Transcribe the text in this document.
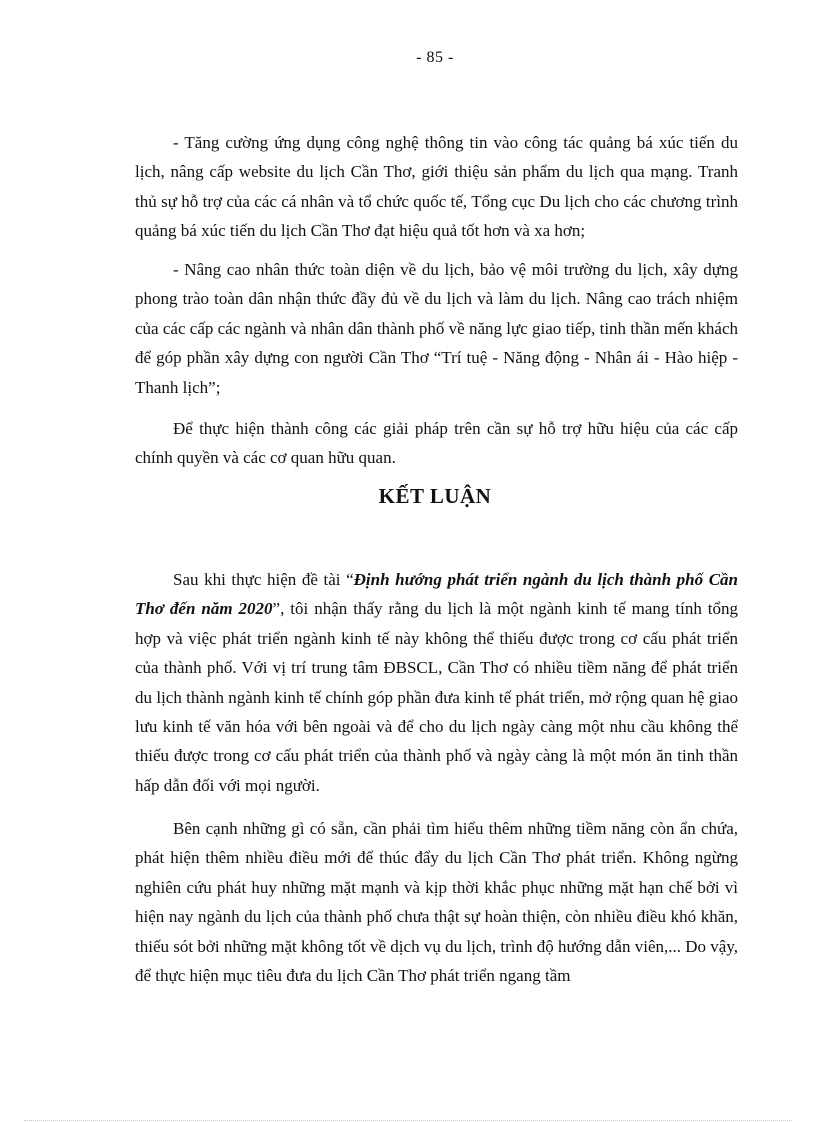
- 85 -

- Tăng cường ứng dụng công nghệ thông tin vào công tác quảng bá xúc tiến du lịch, nâng cấp website du lịch Cần Thơ, giới thiệu sản phẩm du lịch qua mạng. Tranh thủ sự hỗ trợ của các cá nhân và tổ chức quốc tế, Tổng cục Du lịch cho các chương trình quảng bá xúc tiến du lịch Cần Thơ đạt hiệu quả tốt hơn và xa hơn;

- Nâng cao nhân thức toàn diện về du lịch, bảo vệ môi trường du lịch, xây dựng phong trào toàn dân nhận thức đầy đủ về du lịch và làm du lịch. Nâng cao trách nhiệm của các cấp các ngành và nhân dân thành phố về năng lực giao tiếp, tinh thần mến khách để góp phần xây dựng con người Cần Thơ “Trí tuệ - Năng động - Nhân ái - Hào hiệp - Thanh lịch”;

Để thực hiện thành công các giải pháp trên cần sự hỗ trợ hữu hiệu của các cấp chính quyền và các cơ quan hữu quan.

KẾT LUẬN

Sau khi thực hiện đề tài “Định hướng phát triển ngành du lịch thành phố Cần Thơ đến năm 2020”, tôi nhận thấy rằng du lịch là một ngành kinh tế mang tính tổng hợp và việc phát triển ngành kinh tế này không thể thiếu được trong cơ cấu phát triển của thành phố. Với vị trí trung tâm ĐBSCL, Cần Thơ có nhiều tiềm năng để phát triển du lịch thành ngành kinh tế chính góp phần đưa kinh tế phát triển, mở rộng quan hệ giao lưu kinh tế văn hóa với bên ngoài và để cho du lịch ngày càng một nhu cầu không thể thiếu được trong cơ cấu phát triển của thành phố và ngày càng là một món ăn tinh thần hấp dẫn đối với mọi người.

Bên cạnh những gì có sẵn, cần phải tìm hiểu thêm những tiềm năng còn ẩn chứa, phát hiện thêm nhiều điều mới để thúc đẩy du lịch Cần Thơ phát triển. Không ngừng nghiên cứu phát huy những mặt mạnh và kịp thời khắc phục những mặt hạn chế bởi vì hiện nay ngành du lịch của thành phố chưa thật sự hoàn thiện, còn nhiều điều khó khăn, thiếu sót bởi những mặt không tốt về dịch vụ du lịch, trình độ hướng dẫn viên,... Do vậy, để thực hiện mục tiêu đưa du lịch Cần Thơ phát triển ngang tầm
